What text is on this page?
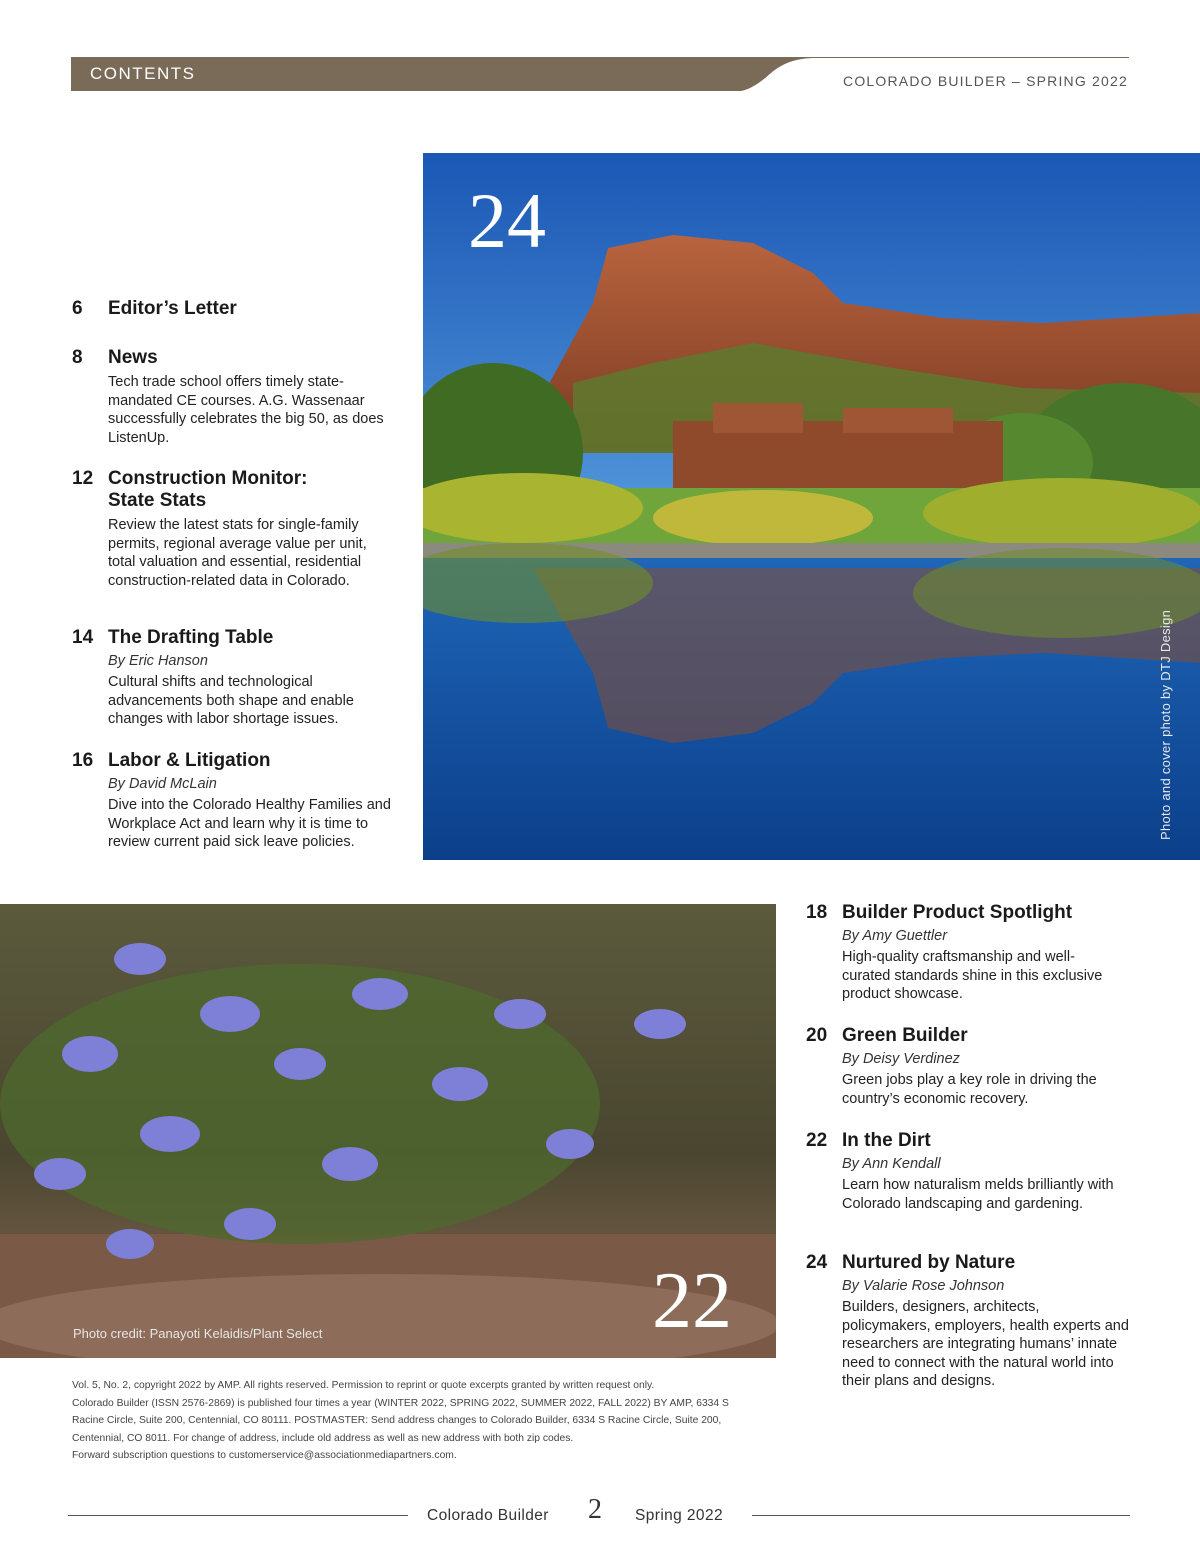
CONTENTS	COLORADO BUILDER – SPRING 2022
24
Photo and cover photo by DTJ Design
22
Photo credit: Panayoti Kelaidis/Plant Select
6 Editor’s Letter

8 News

Tech trade school offers timely state-mandated CE courses. A.G. Wassenaar successfully celebrates the big 50, as does ListenUp.

12 Construction Monitor: State Stats

Review the latest stats for single-family permits, regional average value per unit, total valuation and essential, residential construction-related data in Colorado.

14 The Drafting Table

By Eric Hanson

Cultural shifts and technological advancements both shape and enable changes with labor shortage issues.

16 Labor & Litigation

By David McLain

Dive into the Colorado Healthy Families and Workplace Act and learn why it is time to review current paid sick leave policies.

18 Builder Product Spotlight

By Amy Guettler

High-quality craftsmanship and well-curated standards shine in this exclusive product showcase.

20 Green Builder

By Deisy Verdinez

Green jobs play a key role in driving the country’s economic recovery.

22 In the Dirt

By Ann Kendall

Learn how naturalism melds brilliantly with Colorado landscaping and gardening.

24 Nurtured by Nature

By Valarie Rose Johnson

Builders, designers, architects, policymakers, employers, health experts and researchers are integrating humans’ innate need to connect with the natural world into their plans and designs.

Vol. 5, No. 2, copyright 2022 by AMP. All rights reserved. Permission to reprint or quote excerpts granted by written request only.
Colorado Builder (ISSN 2576-2869) is published four times a year (WINTER 2022, SPRING 2022, SUMMER 2022, FALL 2022) BY AMP, 6334 S Racine Circle, Suite 200, Centennial, CO 80111. POSTMASTER: Send address changes to Colorado Builder, 6334 S Racine Circle, Suite 200, Centennial, CO 8011. For change of address, include old address as well as new address with both zip codes.
Forward subscription questions to customerservice@associationmediapartners.com.
Colorado Builder 2 Spring 2022
